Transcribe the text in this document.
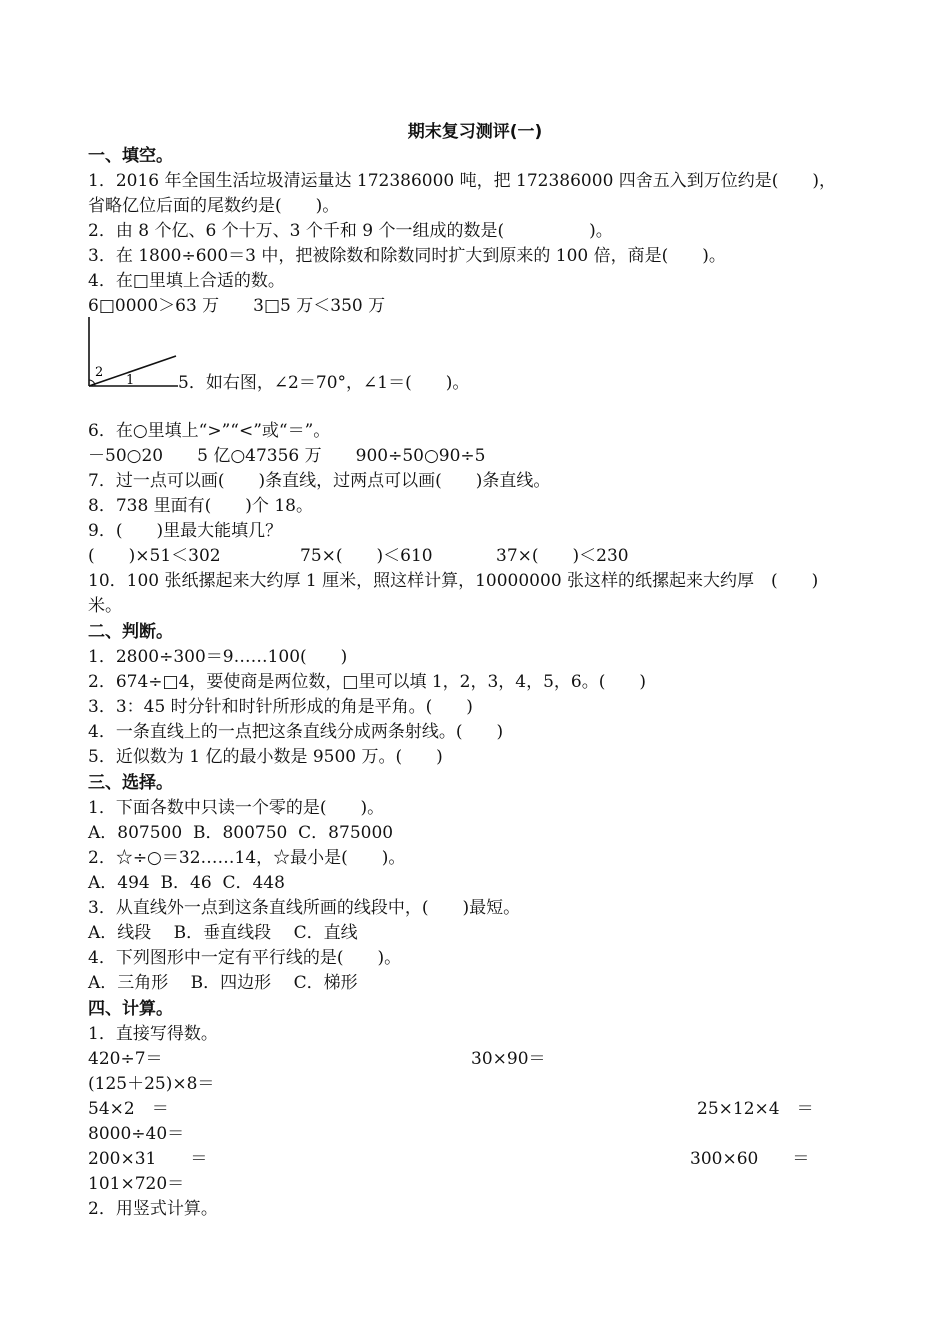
期末复习测评(一)
一、填空。
1．2016 年全国生活垃圾清运量达 172386000 吨，把 172386000 四舍五入到万位约是(　　)，
省略亿位后面的尾数约是(　　)。
2．由 8 个亿、6 个十万、3 个千和 9 个一组成的数是(　　　　　)。
3．在 1800÷600＝3 中，把被除数和除数同时扩大到原来的 100 倍，商是(　　)。
4．在□里填上合适的数。
6□0000＞63 万　　3□5 万＜350 万
2
1	5．如右图，∠2＝70°，∠1＝(　　)。
6．在○里填上“>”“<”或“＝”。
－50○20　　5 亿○47356 万　　900÷50○90÷5
7．过一点可以画(　　)条直线，过两点可以画(　　)条直线。
8．738 里面有(　　)个 18。
9．(　　)里最大能填几？
(　　)×51＜302	75×(　　)＜610	37×(　　)＜230
10．100 张纸摞起来大约厚 1 厘米，照这样计算，10000000 张这样的纸摞起来大约厚　(　　)
米。
二、判断。
1．2800÷300＝9……100(　　)
2．674÷□4，要使商是两位数，□里可以填 1，2，3，4，5，6。(　　)
3．3：45 时分针和时针所形成的角是平角。(　　)
4．一条直线上的一点把这条直线分成两条射线。(　　)
5．近似数为 1 亿的最小数是 9500 万。(　　)
三、选择。
1．下面各数中只读一个零的是(　　)。
A．807500  B．800750  C．875000
2．☆÷○＝32……14，☆最小是(　　)。
A．494  B．46  C．448
3．从直线外一点到这条直线所画的线段中，(　　)最短。
A．线段　 B．垂直线段　 C．直线
4．下列图形中一定有平行线的是(　　)。
A．三角形　 B．四边形　 C．梯形
四、计算。
1．直接写得数。
420÷7＝	30×90＝
(125＋25)×8＝
54×2　＝	25×12×4　＝
8000÷40＝
200×31　　＝	300×60　　＝
101×720＝
2．用竖式计算。
